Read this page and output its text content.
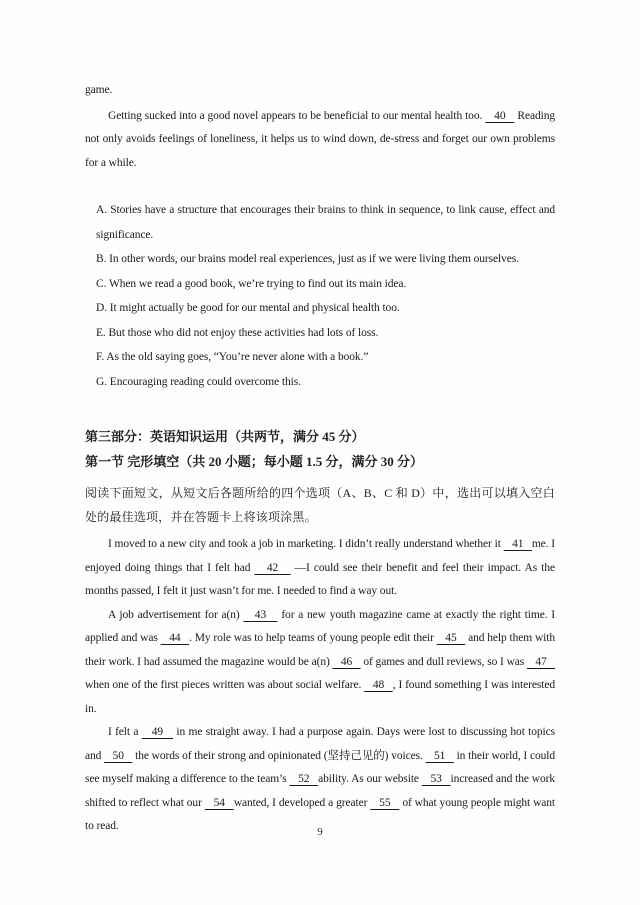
game.

Getting sucked into a good novel appears to be beneficial to our mental health too.    40    Reading not only avoids feelings of loneliness, it helps us to wind down, de-stress and forget our own problems for a while.

A. Stories have a structure that encourages their brains to think in sequence, to link cause, effect and significance.

B. In other words, our brains model real experiences, just as if we were living them ourselves.

C. When we read a good book, we’re trying to find out its main idea.

D. It might actually be good for our mental and physical health too.

E. But those who did not enjoy these activities had lots of loss.

F. As the old saying goes, “You’re never alone with a book.”

G. Encouraging reading could overcome this.

第三部分：英语知识运用（共两节，满分 45 分）

第一节 完形填空（共 20 小题；每小题 1.5 分，满分 30 分）

阅读下面短文，从短文后各题所给的四个选项（A、B、C 和 D）中，选出可以填入空白处的最佳选项，并在答题卡上将该项涂黑。

I moved to a new city and took a job in marketing. I didn’t really understand whether it    41   me. I enjoyed doing things that I felt had    42    —I could see their benefit and feel their impact. As the months passed, I felt it just wasn’t for me. I needed to find a way out.

A job advertisement for a(n)    43    for a new youth magazine came at exactly the right time. I applied and was    44   . My role was to help teams of young people edit their    45    and help them with their work. I had assumed the magazine would be a(n)    46    of games and dull reviews, so I was    47    when one of the first pieces written was about social welfare.    48   , I found something I was interested in.

I felt a    49    in me straight away. I had a purpose again. Days were lost to discussing hot topics and    50    the words of their strong and opinionated (坚持己见的) voices.    51    in their world, I could see myself making a difference to the team’s    52   ability. As our website    53   increased and the work shifted to reflect what our    54   wanted, I developed a greater    55    of what young people might want to read.	9
